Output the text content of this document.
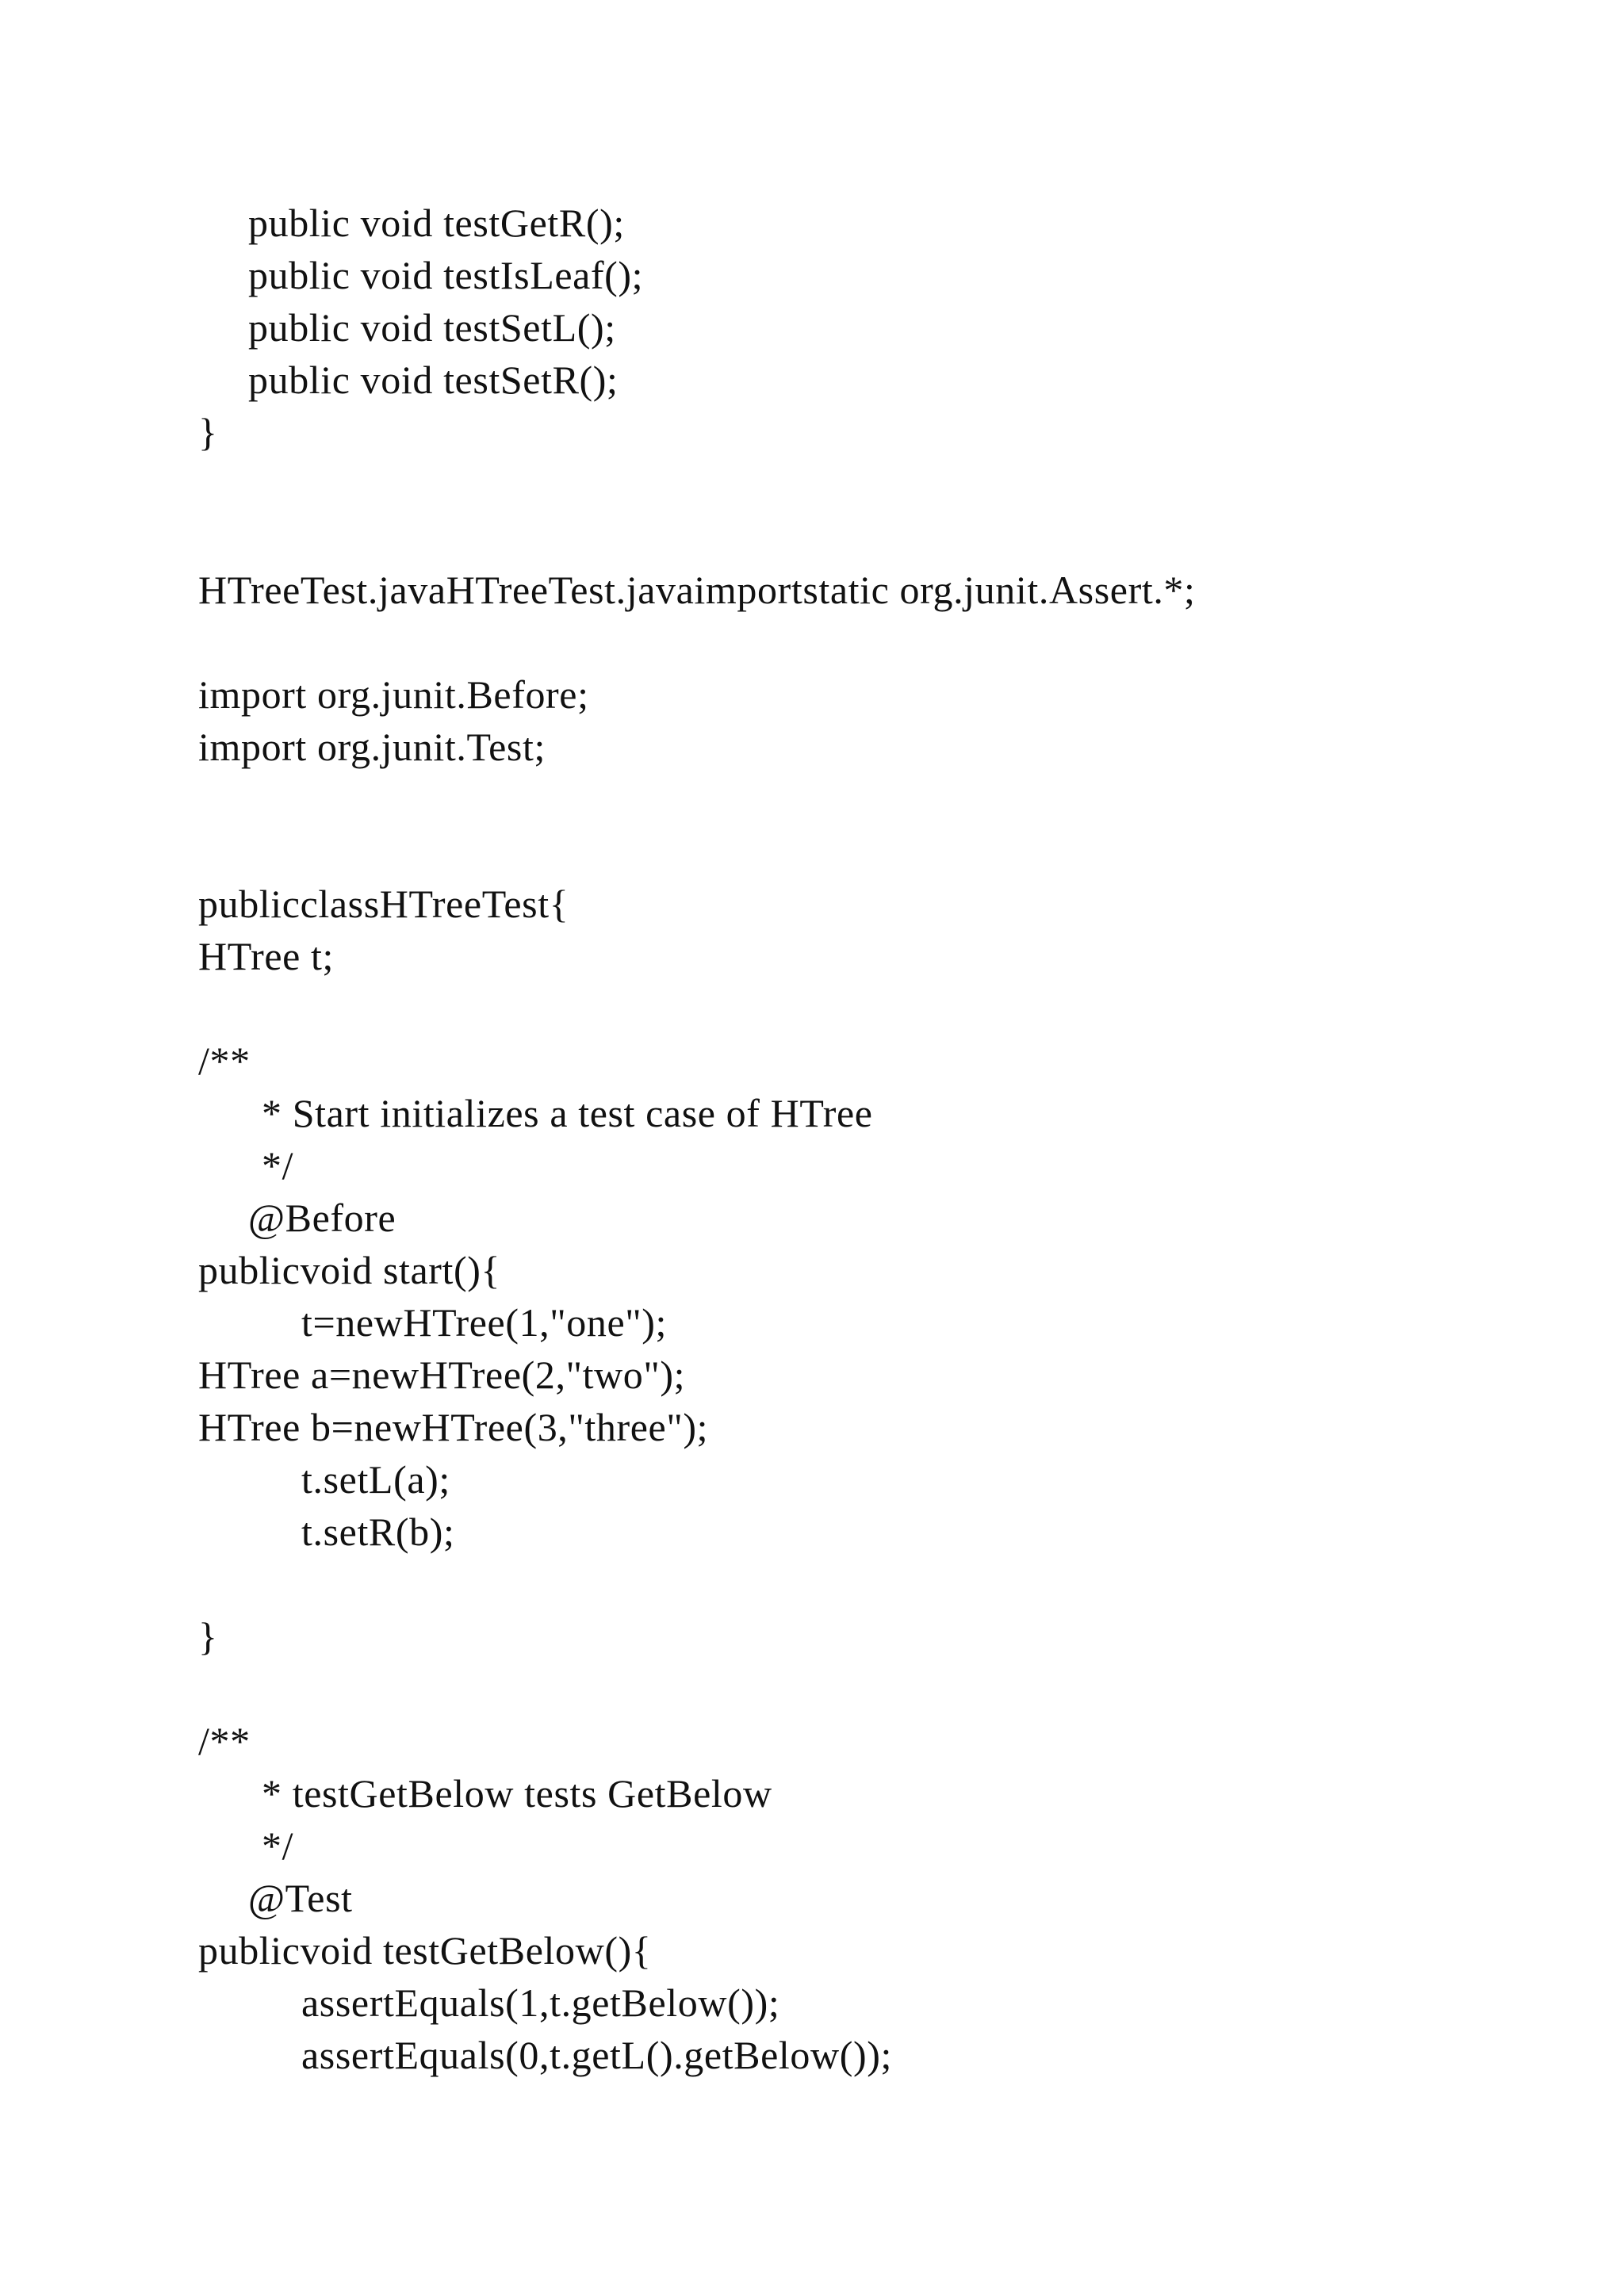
public void testGetR();
public void testIsLeaf();
public void testSetL();
public void testSetR();
}
HTreeTest.javaHTreeTest.javaimportstatic org.junit.Assert.*;
import org.junit.Before;
import org.junit.Test;
publicclassHTreeTest{
HTree t;
/**
* Start initializes a test case of HTree
*/
@Before
publicvoid start(){
t=newHTree(1,"one");
HTree a=newHTree(2,"two");
HTree b=newHTree(3,"three");
t.setL(a);
t.setR(b);
}
/**
* testGetBelow tests GetBelow
*/
@Test
publicvoid testGetBelow(){
assertEquals(1,t.getBelow());
assertEquals(0,t.getL().getBelow());
